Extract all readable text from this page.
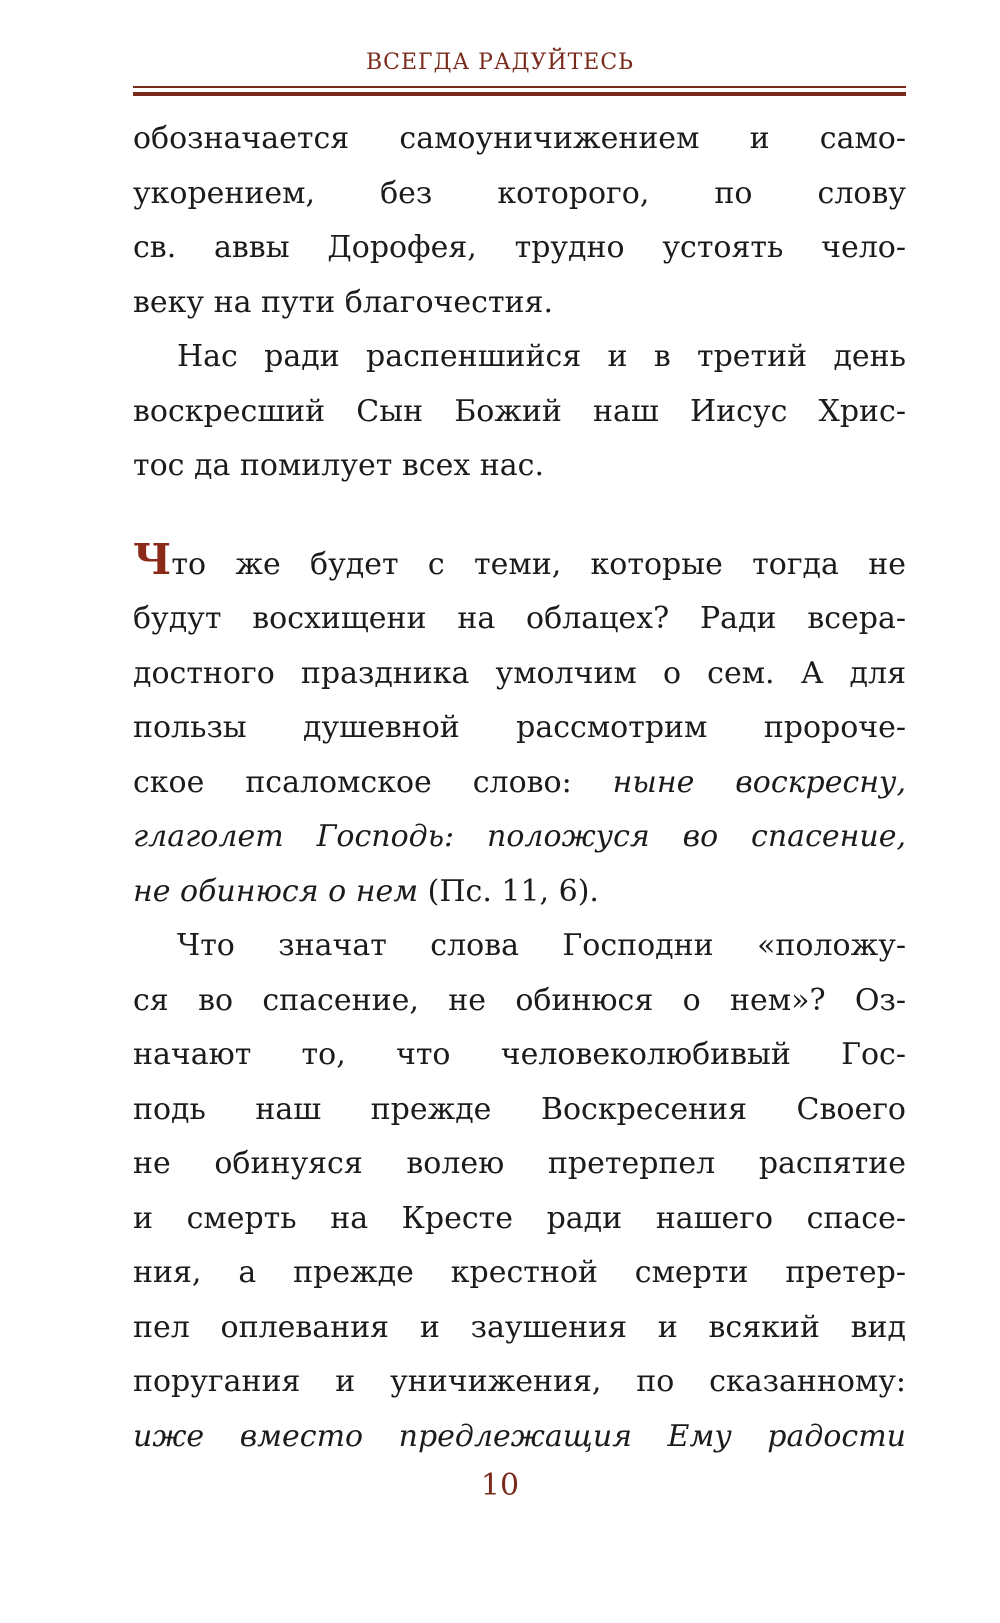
ВСЕГДА РАДУЙТЕСЬ

обозначается самоуничижением и само-
укорением, без которого, по слову
св. аввы Дорофея, трудно устоять чело-
веку на пути благочестия.

Нас ради распеншийся и в третий день
воскресший Сын Божий наш Иисус Хрис-
тос да помилует всех нас.

Что же будет с теми, которые тогда не
будут восхищени на облацех? Ради всера-
достного праздника умолчим о сем. А для
пользы душевной рассмотрим пророче-
ское псаломское слово: ныне воскресну,
глаголет Господь: положуся во спасение,
не обинюся о нем (Пс. 11, 6).

Что значат слова Господни «положу-
ся во спасение, не обинюся о нем»? Оз-
начают то, что человеколюбивый Гос-
подь наш прежде Воскресения Своего
не обинуяся волею претерпел распятие
и смерть на Кресте ради нашего спасе-
ния, а прежде крестной смерти претер-
пел оплевания и заушения и всякий вид
поругания и уничижения, по сказанному:
иже вместо предлежащия Ему радости

10
